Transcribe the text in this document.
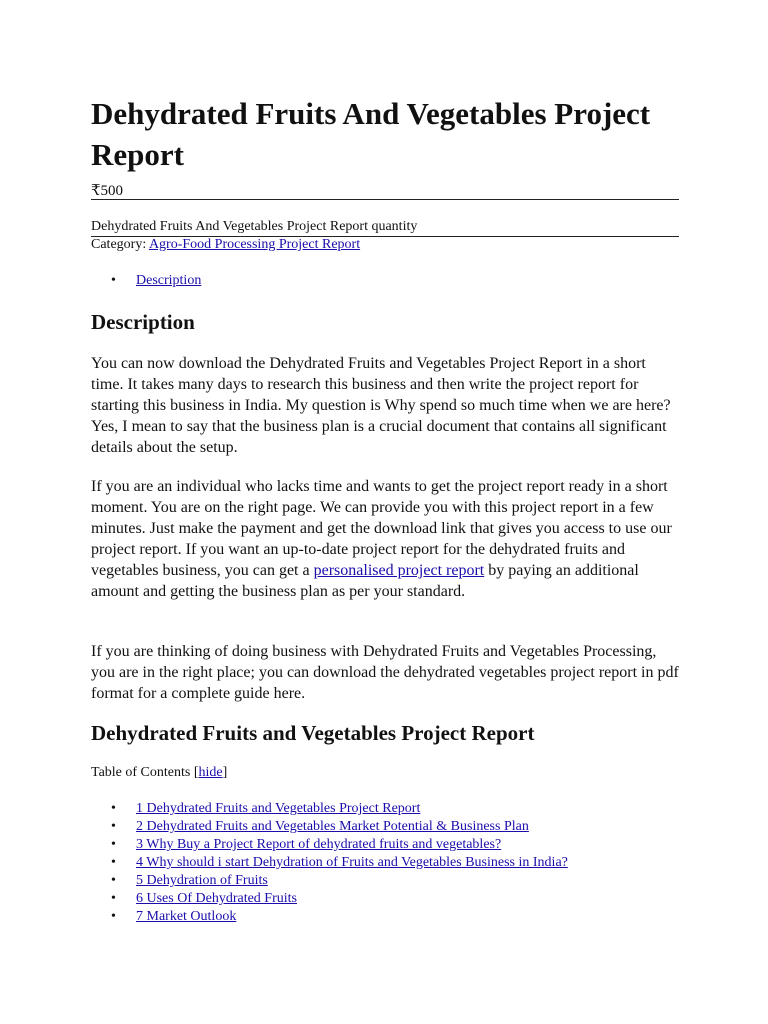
Dehydrated Fruits And Vegetables Project Report
₹500
Dehydrated Fruits And Vegetables Project Report quantity
Category: Agro-Food Processing Project Report
• Description
Description

You can now download the Dehydrated Fruits and Vegetables Project Report in a short time. It takes many days to research this business and then write the project report for starting this business in India. My question is Why spend so much time when we are here? Yes, I mean to say that the business plan is a crucial document that contains all significant details about the setup.

If you are an individual who lacks time and wants to get the project report ready in a short moment. You are on the right page. We can provide you with this project report in a few minutes. Just make the payment and get the download link that gives you access to use our project report. If you want an up-to-date project report for the dehydrated fruits and vegetables business, you can get a personalised project report by paying an additional amount and getting the business plan as per your standard.

If you are thinking of doing business with Dehydrated Fruits and Vegetables Processing, you are in the right place; you can download the dehydrated vegetables project report in pdf format for a complete guide here.

Dehydrated Fruits and Vegetables Project Report
Table of Contents [hide]
• 1 Dehydrated Fruits and Vegetables Project Report
• 2 Dehydrated Fruits and Vegetables Market Potential & Business Plan
• 3 Why Buy a Project Report of dehydrated fruits and vegetables?
• 4 Why should i start Dehydration of Fruits and Vegetables Business in India?
• 5 Dehydration of Fruits
• 6 Uses Of Dehydrated Fruits
• 7 Market Outlook
